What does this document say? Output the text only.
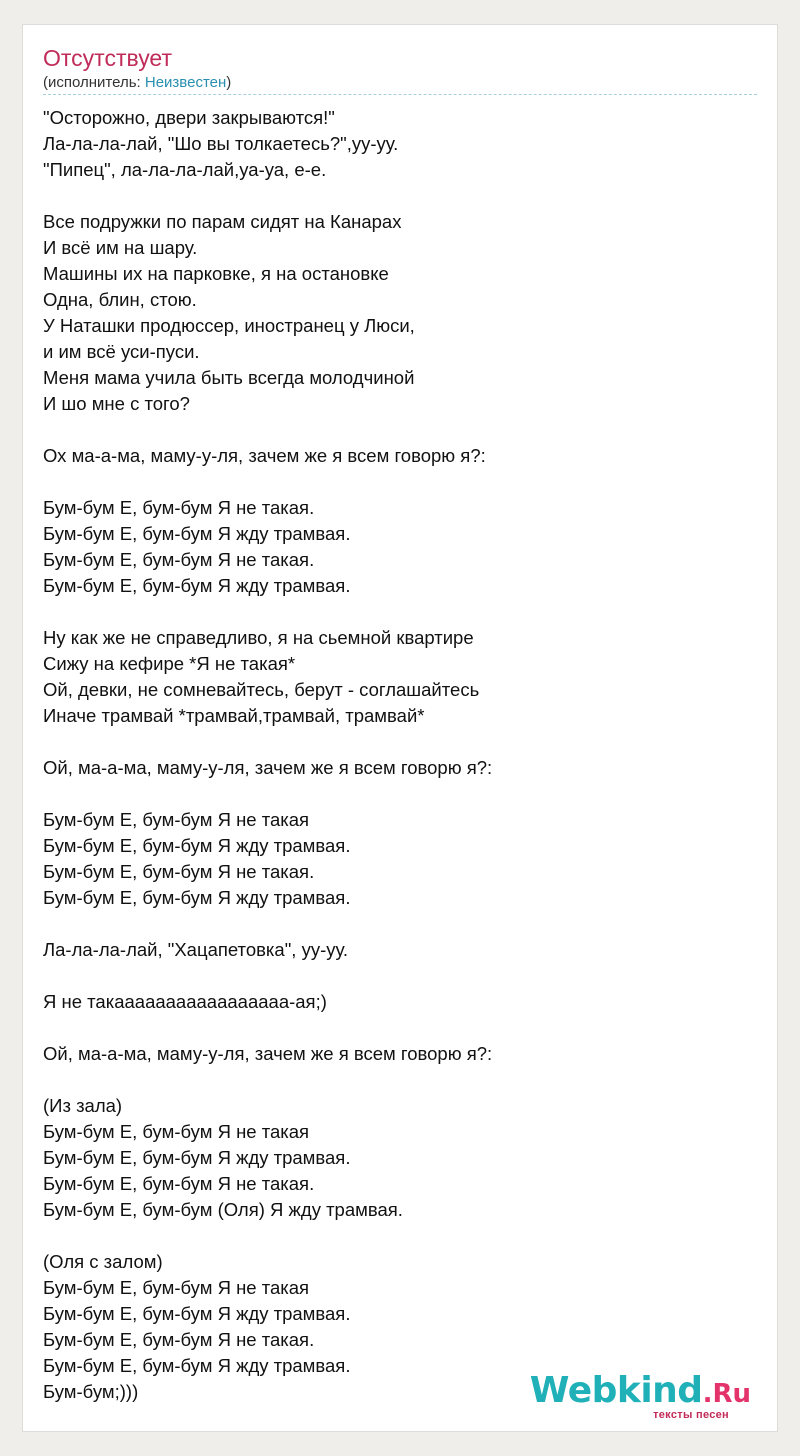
Отсутствует
(исполнитель: Неизвестен)
"Осторожно, двери закрываются!"
Ла-ла-ла-лай, "Шо вы толкаетесь?",уу-уу.
"Пипец", ла-ла-ла-лай,уа-уа, е-е.
Все подружки по парам сидят на Канарах
И всё им на шару.
Машины их на парковке, я на остановке
Одна, блин, стою.
У Наташки продюссер, иностранец у Люси,
и им всё уси-пуси.
Меня мама учила быть всегда молодчиной
И шо мне с того?
Ох ма-а-ма, маму-у-ля, зачем же я всем говорю я?:
Бум-бум Е, бум-бум Я не такая.
Бум-бум Е, бум-бум Я жду трамвая.
Бум-бум Е, бум-бум Я не такая.
Бум-бум Е, бум-бум Я жду трамвая.
Ну как же не справедливо, я на сьемной квартире
Сижу на кефире *Я не такая*
Ой, девки, не сомневайтесь, берут - соглашайтесь
Иначе трамвай *трамвай,трамвай, трамвай*
Ой, ма-а-ма, маму-у-ля, зачем же я всем говорю я?:
Бум-бум Е, бум-бум Я не такая
Бум-бум Е, бум-бум Я жду трамвая.
Бум-бум Е, бум-бум Я не такая.
Бум-бум Е, бум-бум Я жду трамвая.
Ла-ла-ла-лай, "Хацапетовка", уу-уу.
Я не такааааааааааааааааа-ая;)
Ой, ма-а-ма, маму-у-ля, зачем же я всем говорю я?:
(Из зала)
Бум-бум Е, бум-бум Я не такая
Бум-бум Е, бум-бум Я жду трамвая.
Бум-бум Е, бум-бум Я не такая.
Бум-бум Е, бум-бум (Оля) Я жду трамвая.
(Оля с залом)
Бум-бум Е, бум-бум Я не такая
Бум-бум Е, бум-бум Я жду трамвая.
Бум-бум Е, бум-бум Я не такая.
Бум-бум Е, бум-бум Я жду трамвая.
Бум-бум;)))	Webkind.Ru
тексты песен
